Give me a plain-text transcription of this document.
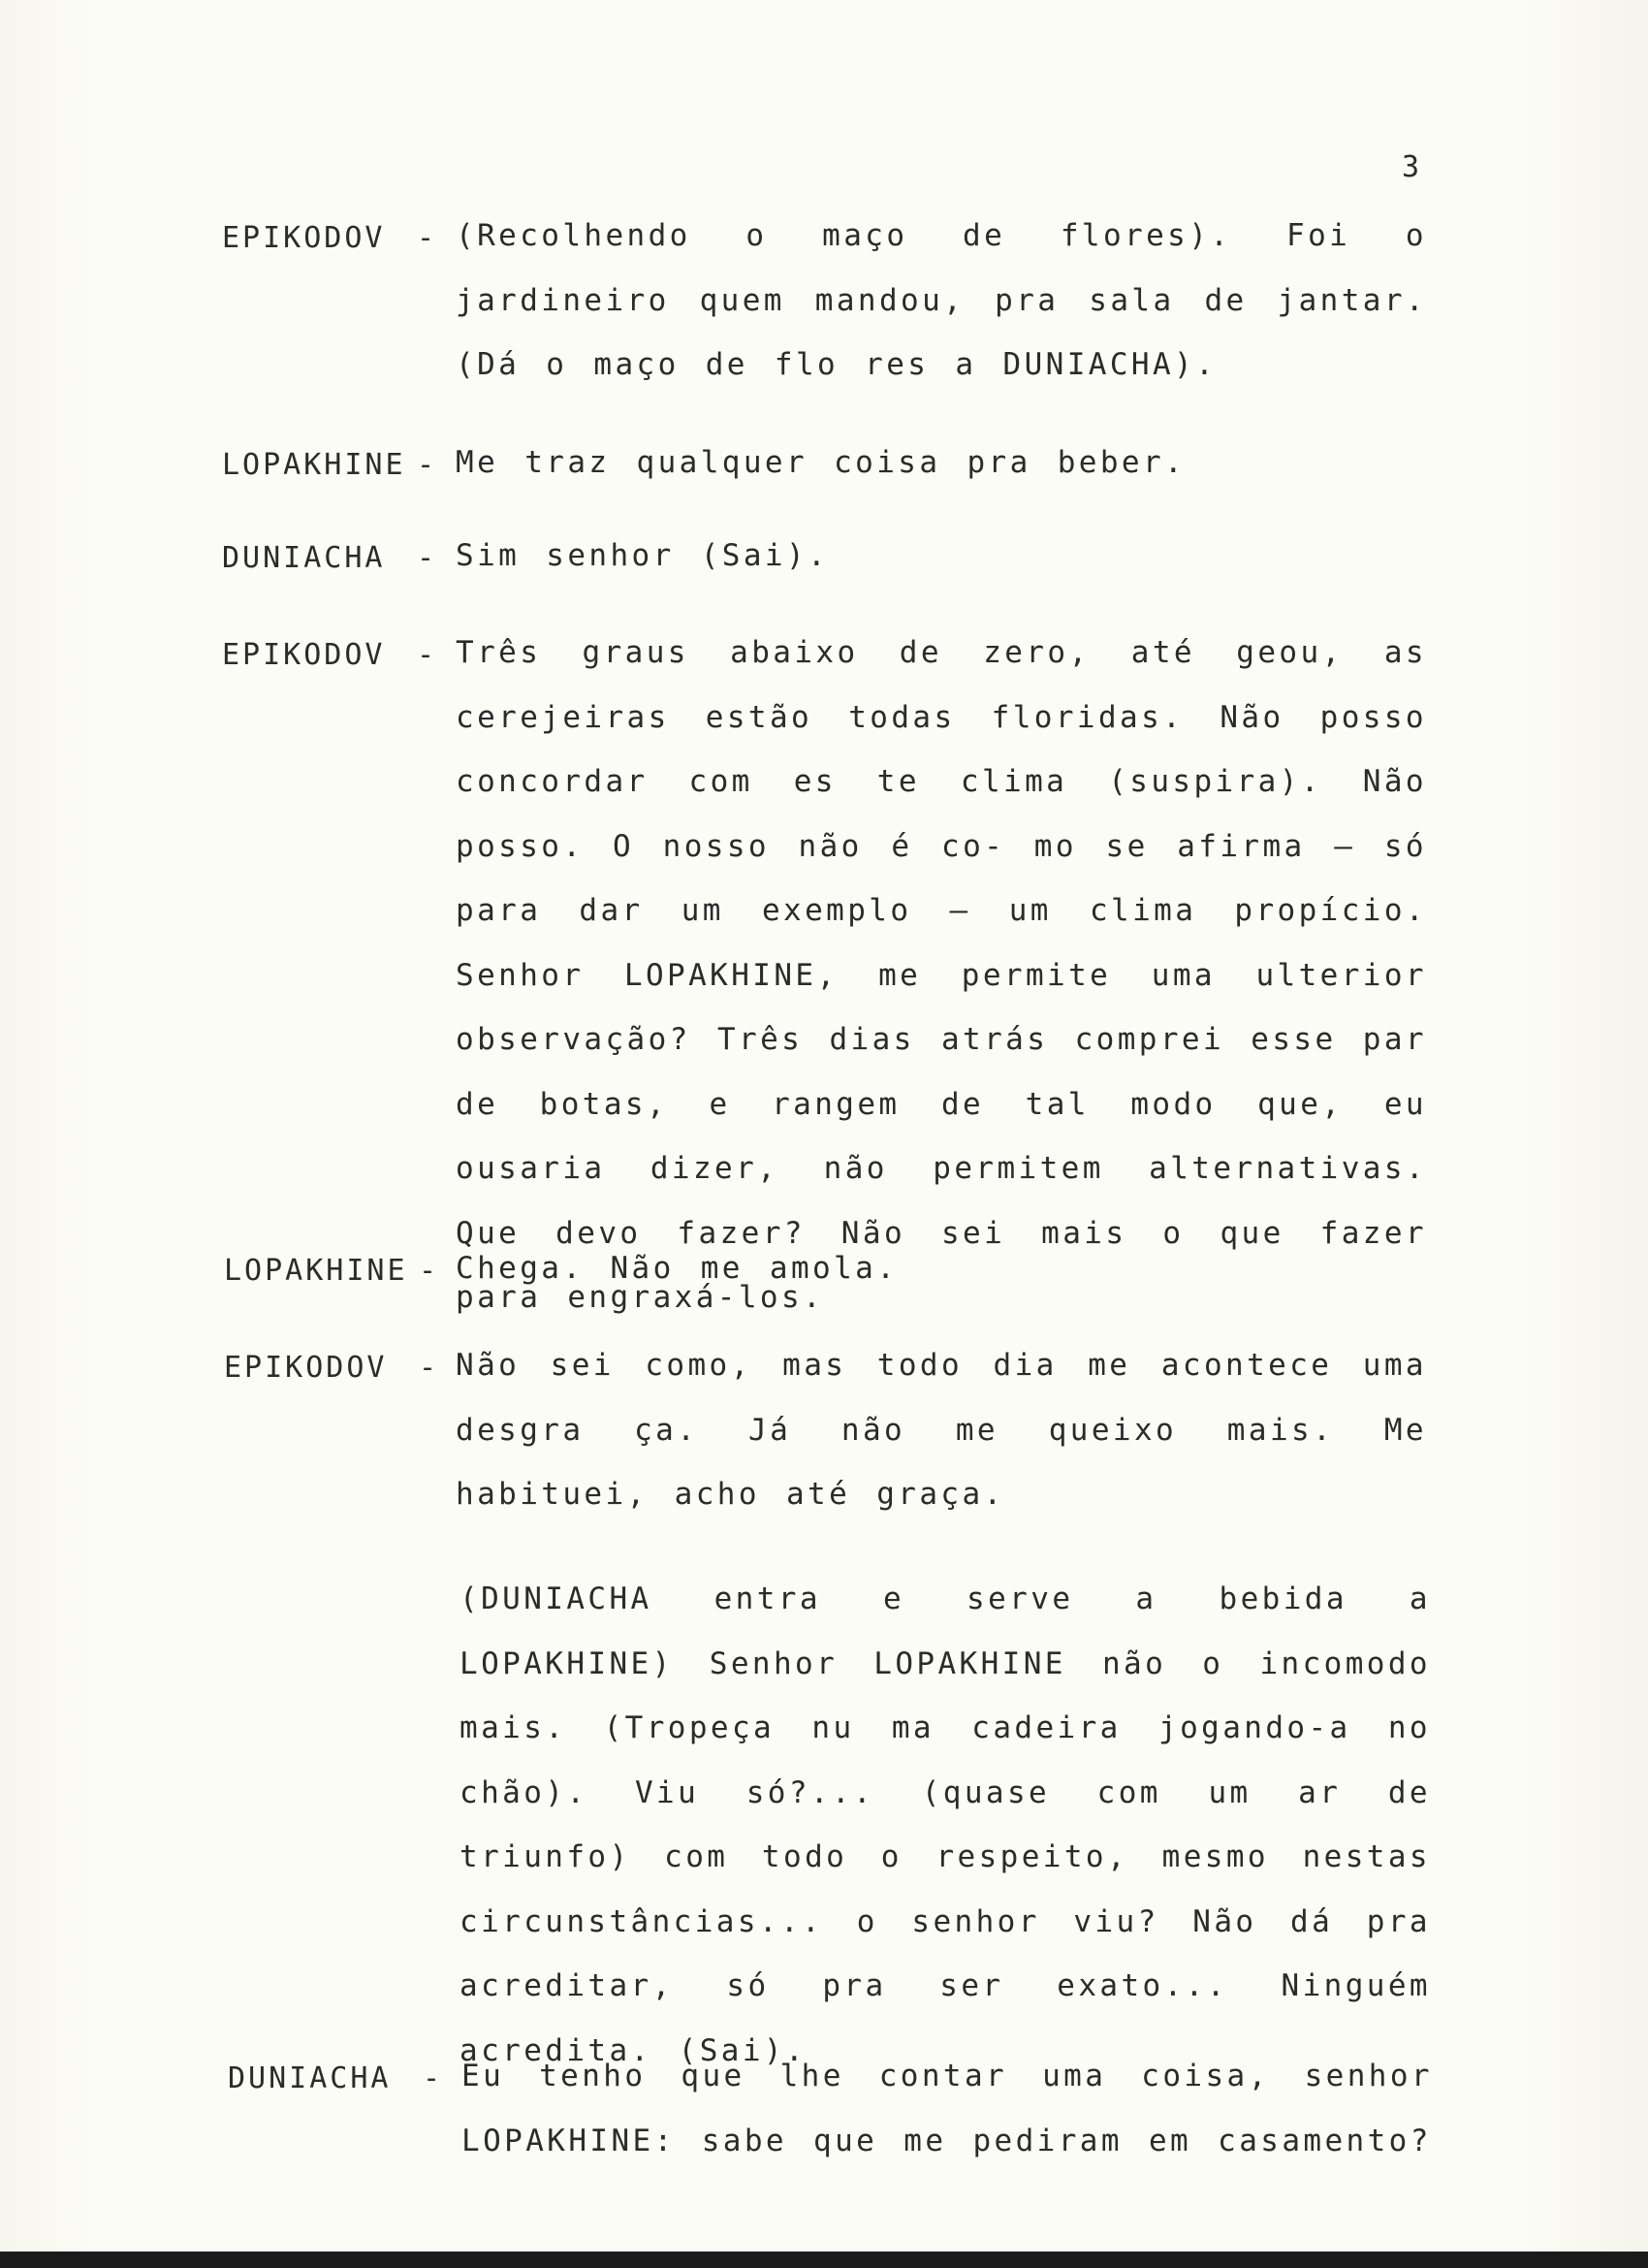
3
EPIKODOV - (Recolhendo o maço de flores). Foi o jardineiro quem mandou, pra sala de jantar. (Dá o maço de flo res a DUNIACHA).
LOPAKHINE - Me traz qualquer coisa pra beber.
DUNIACHA - Sim senhor (Sai).
EPIKODOV - Três graus abaixo de zero, até geou, as cerejeiras estão todas floridas. Não posso concordar com es te clima (suspira). Não posso. O nosso não é co- mo se afirma — só para dar um exemplo — um clima propício. Senhor LOPAKHINE, me permite uma ulterior observação? Três dias atrás comprei esse par de botas, e rangem de tal modo que, eu ousaria dizer, não permitem alternativas. Que devo fazer? Não sei mais o que fazer para engraxá-los.
LOPAKHINE - Chega. Não me amola.
EPIKODOV - Não sei como, mas todo dia me acontece uma desgra ça. Já não me queixo mais. Me habituei, acho até graça.
(DUNIACHA entra e serve a bebida a LOPAKHINE) Senhor LOPAKHINE não o incomodo mais. (Tropeça nu ma cadeira jogando-a no chão). Viu só?... (quase com um ar de triunfo) com todo o respeito, mesmo nestas circunstâncias... o senhor viu? Não dá pra acreditar, só pra ser exato... Ninguém acredita. (Sai).
DUNIACHA - Eu tenho que lhe contar uma coisa, senhor LOPAKHINE: sabe que me pediram em casamento?
